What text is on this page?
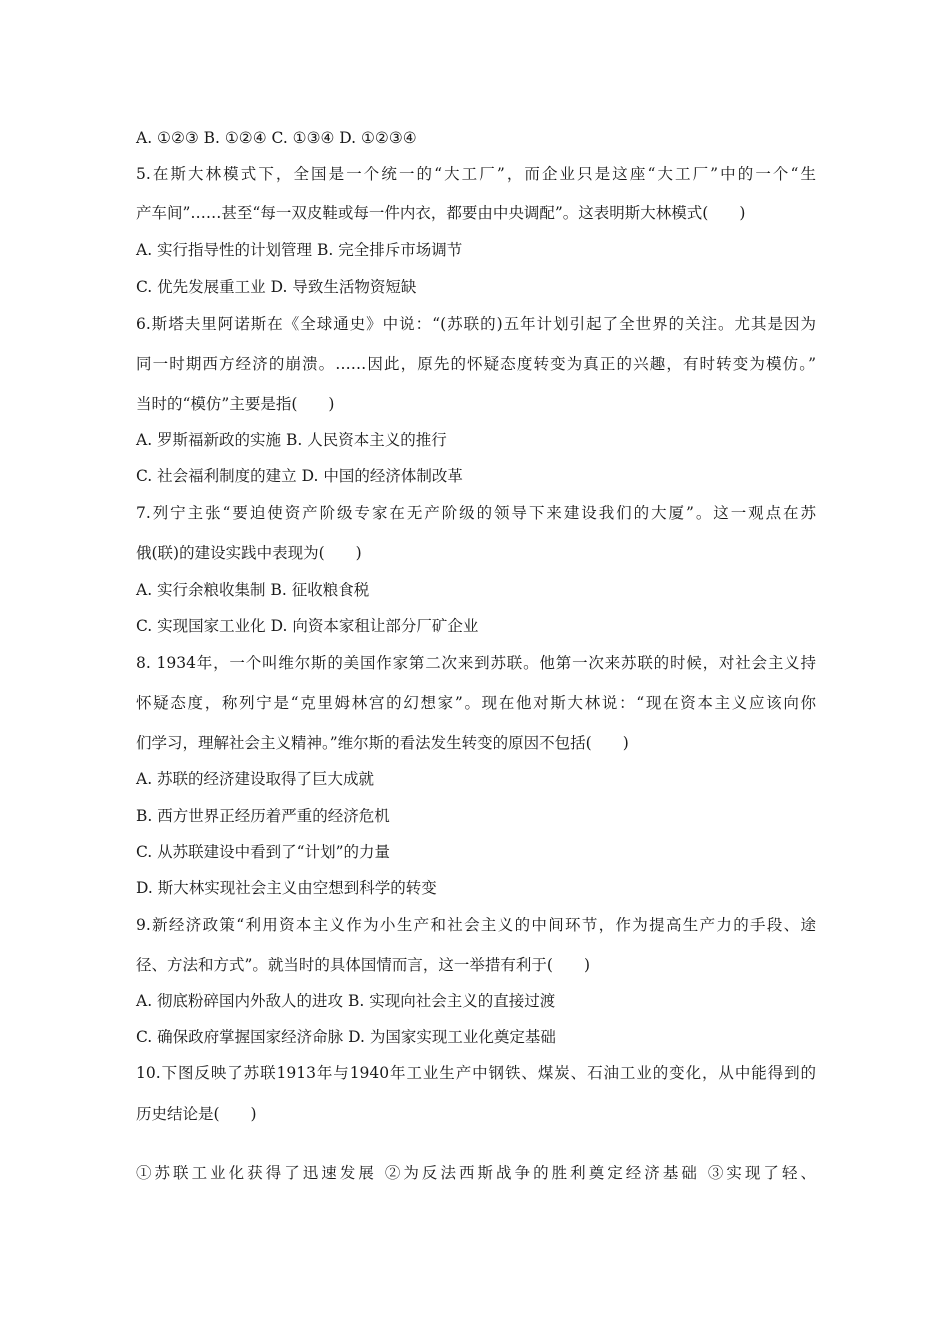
A. ①②③ B. ①②④ C. ①③④ D. ①②③④
5.在斯大林模式下，全国是一个统一的“大工厂”，而企业只是这座“大工厂”中的一个“生
产车间”……甚至“每一双皮鞋或每一件内衣，都要由中央调配”。这表明斯大林模式(　　)
A. 实行指导性的计划管理 B. 完全排斥市场调节
C. 优先发展重工业 D. 导致生活物资短缺
6.斯塔夫里阿诺斯在《全球通史》中说：“(苏联的)五年计划引起了全世界的关注。尤其是因为
同一时期西方经济的崩溃。……因此，原先的怀疑态度转变为真正的兴趣，有时转变为模仿。”
当时的“模仿”主要是指(　　)
A. 罗斯福新政的实施 B. 人民资本主义的推行
C. 社会福利制度的建立 D. 中国的经济体制改革
7.列宁主张“要迫使资产阶级专家在无产阶级的领导下来建设我们的大厦”。这一观点在苏
俄(联)的建设实践中表现为(　　)
A. 实行余粮收集制 B. 征收粮食税
C. 实现国家工业化 D. 向资本家租让部分厂矿企业
8. 1934年，一个叫维尔斯的美国作家第二次来到苏联。他第一次来苏联的时候，对社会主义持
怀疑态度，称列宁是“克里姆林宫的幻想家”。现在他对斯大林说：“现在资本主义应该向你
们学习，理解社会主义精神。”维尔斯的看法发生转变的原因不包括(　　)
A. 苏联的经济建设取得了巨大成就
B. 西方世界正经历着严重的经济危机
C. 从苏联建设中看到了“计划”的力量
D. 斯大林实现社会主义由空想到科学的转变
9.新经济政策“利用资本主义作为小生产和社会主义的中间环节，作为提高生产力的手段、途
径、方法和方式”。就当时的具体国情而言，这一举措有利于(　　)
A. 彻底粉碎国内外敌人的进攻 B. 实现向社会主义的直接过渡
C. 确保政府掌握国家经济命脉 D. 为国家实现工业化奠定基础
10.下图反映了苏联1913年与1940年工业生产中钢铁、煤炭、石油工业的变化，从中能得到的
历史结论是(　　)
①苏联工业化获得了迅速发展 ②为反法西斯战争的胜利奠定经济基础 ③实现了轻、
